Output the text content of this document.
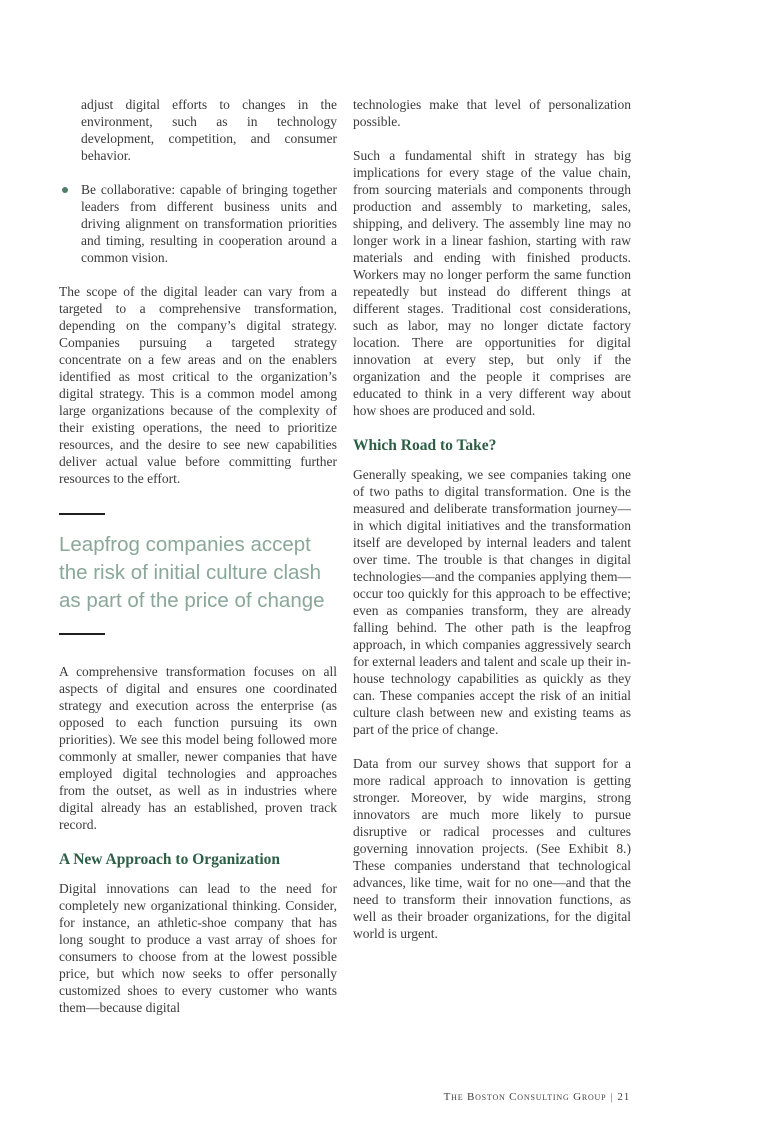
adjust digital efforts to changes in the environment, such as in technology development, competition, and consumer behavior.
Be collaborative: capable of bringing together leaders from different business units and driving alignment on transformation priorities and timing, resulting in cooperation around a common vision.
The scope of the digital leader can vary from a targeted to a comprehensive transformation, depending on the company’s digital strategy. Companies pursuing a targeted strategy concentrate on a few areas and on the enablers identified as most critical to the organization’s digital strategy. This is a common model among large organizations because of the complexity of their existing operations, the need to prioritize resources, and the desire to see new capabilities deliver actual value before committing further resources to the effort.
Leapfrog companies accept the risk of initial culture clash as part of the price of change
A comprehensive transformation focuses on all aspects of digital and ensures one coordinated strategy and execution across the enterprise (as opposed to each function pursuing its own priorities). We see this model being followed more commonly at smaller, newer companies that have employed digital technologies and approaches from the outset, as well as in industries where digital already has an established, proven track record.
A New Approach to Organization
Digital innovations can lead to the need for completely new organizational thinking. Consider, for instance, an athletic-shoe company that has long sought to produce a vast array of shoes for consumers to choose from at the lowest possible price, but which now seeks to offer personally customized shoes to every customer who wants them—because digital
technologies make that level of personalization possible.
Such a fundamental shift in strategy has big implications for every stage of the value chain, from sourcing materials and components through production and assembly to marketing, sales, shipping, and delivery. The assembly line may no longer work in a linear fashion, starting with raw materials and ending with finished products. Workers may no longer perform the same function repeatedly but instead do different things at different stages. Traditional cost considerations, such as labor, may no longer dictate factory location. There are opportunities for digital innovation at every step, but only if the organization and the people it comprises are educated to think in a very different way about how shoes are produced and sold.
Which Road to Take?
Generally speaking, we see companies taking one of two paths to digital transformation. One is the measured and deliberate transformation journey—in which digital initiatives and the transformation itself are developed by internal leaders and talent over time. The trouble is that changes in digital technologies—and the companies applying them—occur too quickly for this approach to be effective; even as companies transform, they are already falling behind. The other path is the leapfrog approach, in which companies aggressively search for external leaders and talent and scale up their in-house technology capabilities as quickly as they can. These companies accept the risk of an initial culture clash between new and existing teams as part of the price of change.
Data from our survey shows that support for a more radical approach to innovation is getting stronger. Moreover, by wide margins, strong innovators are much more likely to pursue disruptive or radical processes and cultures governing innovation projects. (See Exhibit 8.) These companies understand that technological advances, like time, wait for no one—and that the need to transform their innovation functions, as well as their broader organizations, for the digital world is urgent.
The Boston Consulting Group | 21
